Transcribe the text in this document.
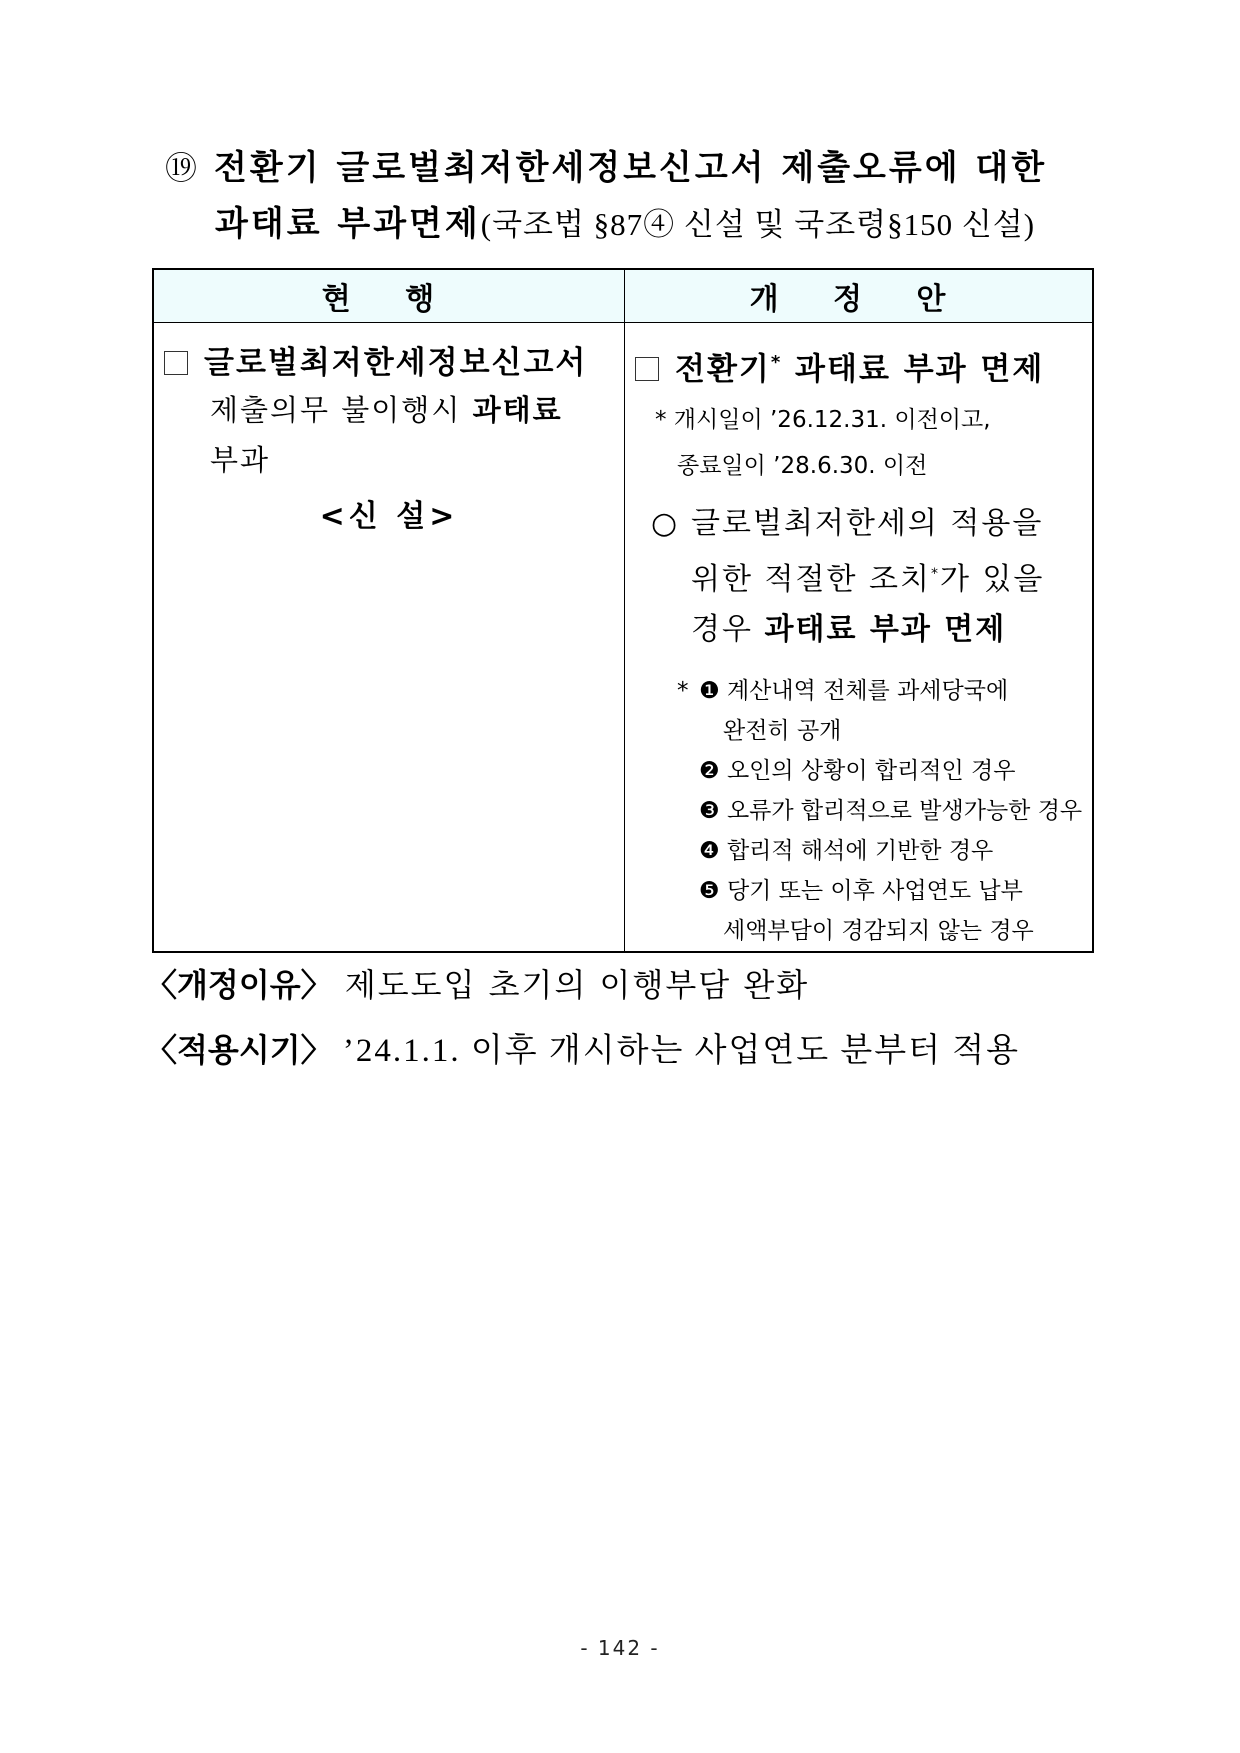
⑲ 전환기 글로벌최저한세정보신고서 제출오류에 대한
과태료 부과면제(국조법 §87④ 신설 및 국조령§150 신설)
현 행	개 정 안

글로벌최저한세정보신고서
제출의무 불이행시 과태료
부과
<신 설>

전환기* 과태료 부과 면제
* 개시일이 ’26.12.31. 이전이고,
종료일이 ’28.6.30. 이전
○ 글로벌최저한세의 적용을
위한 적절한 조치*가 있을
경우 과태료 부과 면제
* ❶ 계산내역 전체를 과세당국에
완전히 공개
❷ 오인의 상황이 합리적인 경우
❸ 오류가 합리적으로 발생가능한 경우
❹ 합리적 해석에 기반한 경우
❺ 당기 또는 이후 사업연도 납부
세액부담이 경감되지 않는 경우
〈개정이유〉 제도도입 초기의 이행부담 완화
〈적용시기〉 ’24.1.1. 이후 개시하는 사업연도 분부터 적용
- 142 -
